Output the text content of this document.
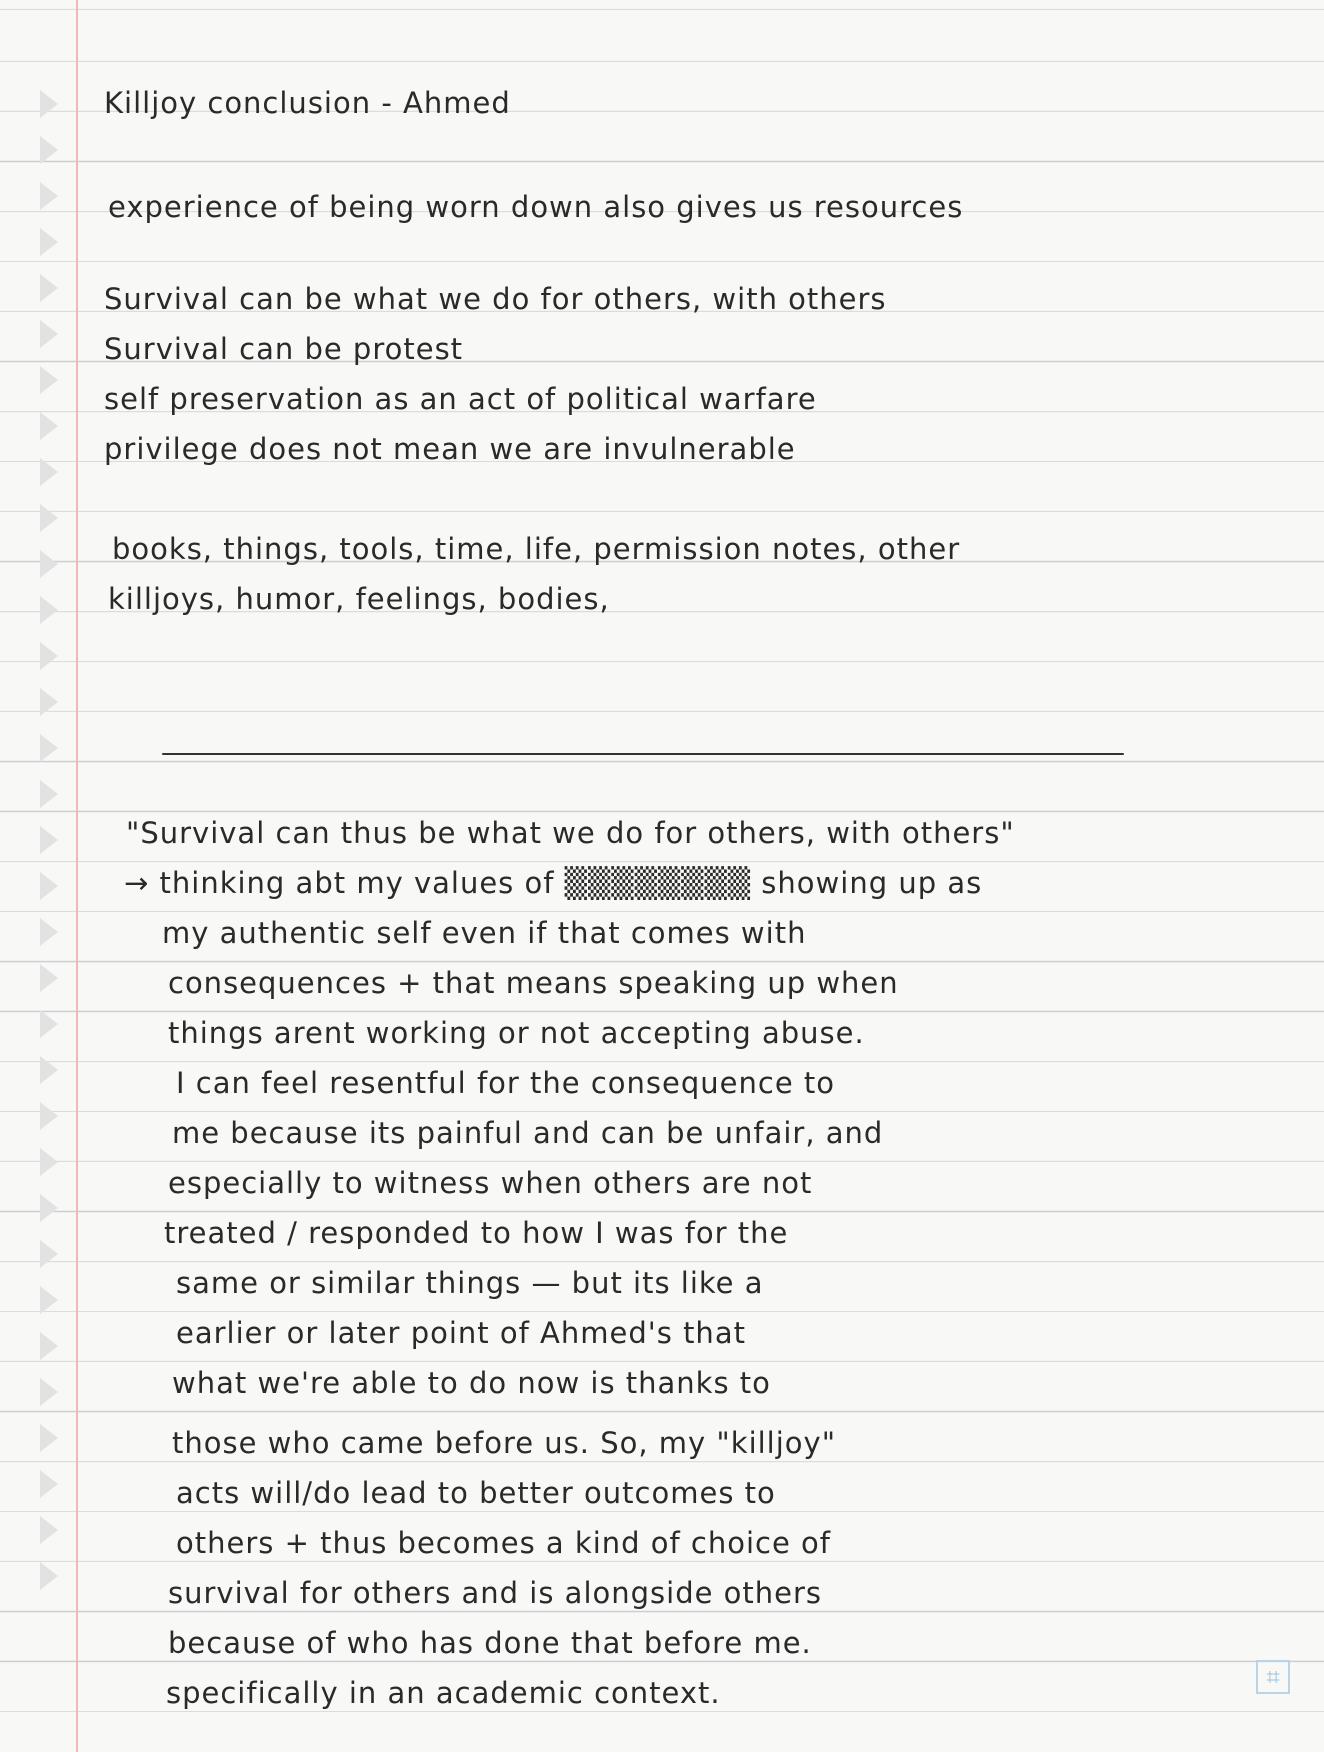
Killjoy conclusion - Ahmed
experience of being worn down also gives us resources
Survival can be what we do for others, with others
Survival can be protest
self preservation as an act of political warfare
privilege does not mean we are invulnerable
books, things, tools, time, life, permission notes, other
killjoys, humor, feelings, bodies,
"Survival can thus be what we do for others, with others"
→ thinking abt my values of ▒▒▒▒▒▒▒▒ showing up as
my authentic self even if that comes with
consequences + that means speaking up when
things arent working or not accepting abuse.
I can feel resentful for the consequence to
me because its painful and can be unfair, and
especially to witness when others are not
treated / responded to how I was for the
same or similar things — but its like a
earlier or later point of Ahmed's that
what we're able to do now is thanks to
those who came before us. So, my "killjoy"
acts will/do lead to better outcomes to
others + thus becomes a kind of choice of
survival for others and is alongside others
because of who has done that before me.
specifically in an academic context.	⌗
